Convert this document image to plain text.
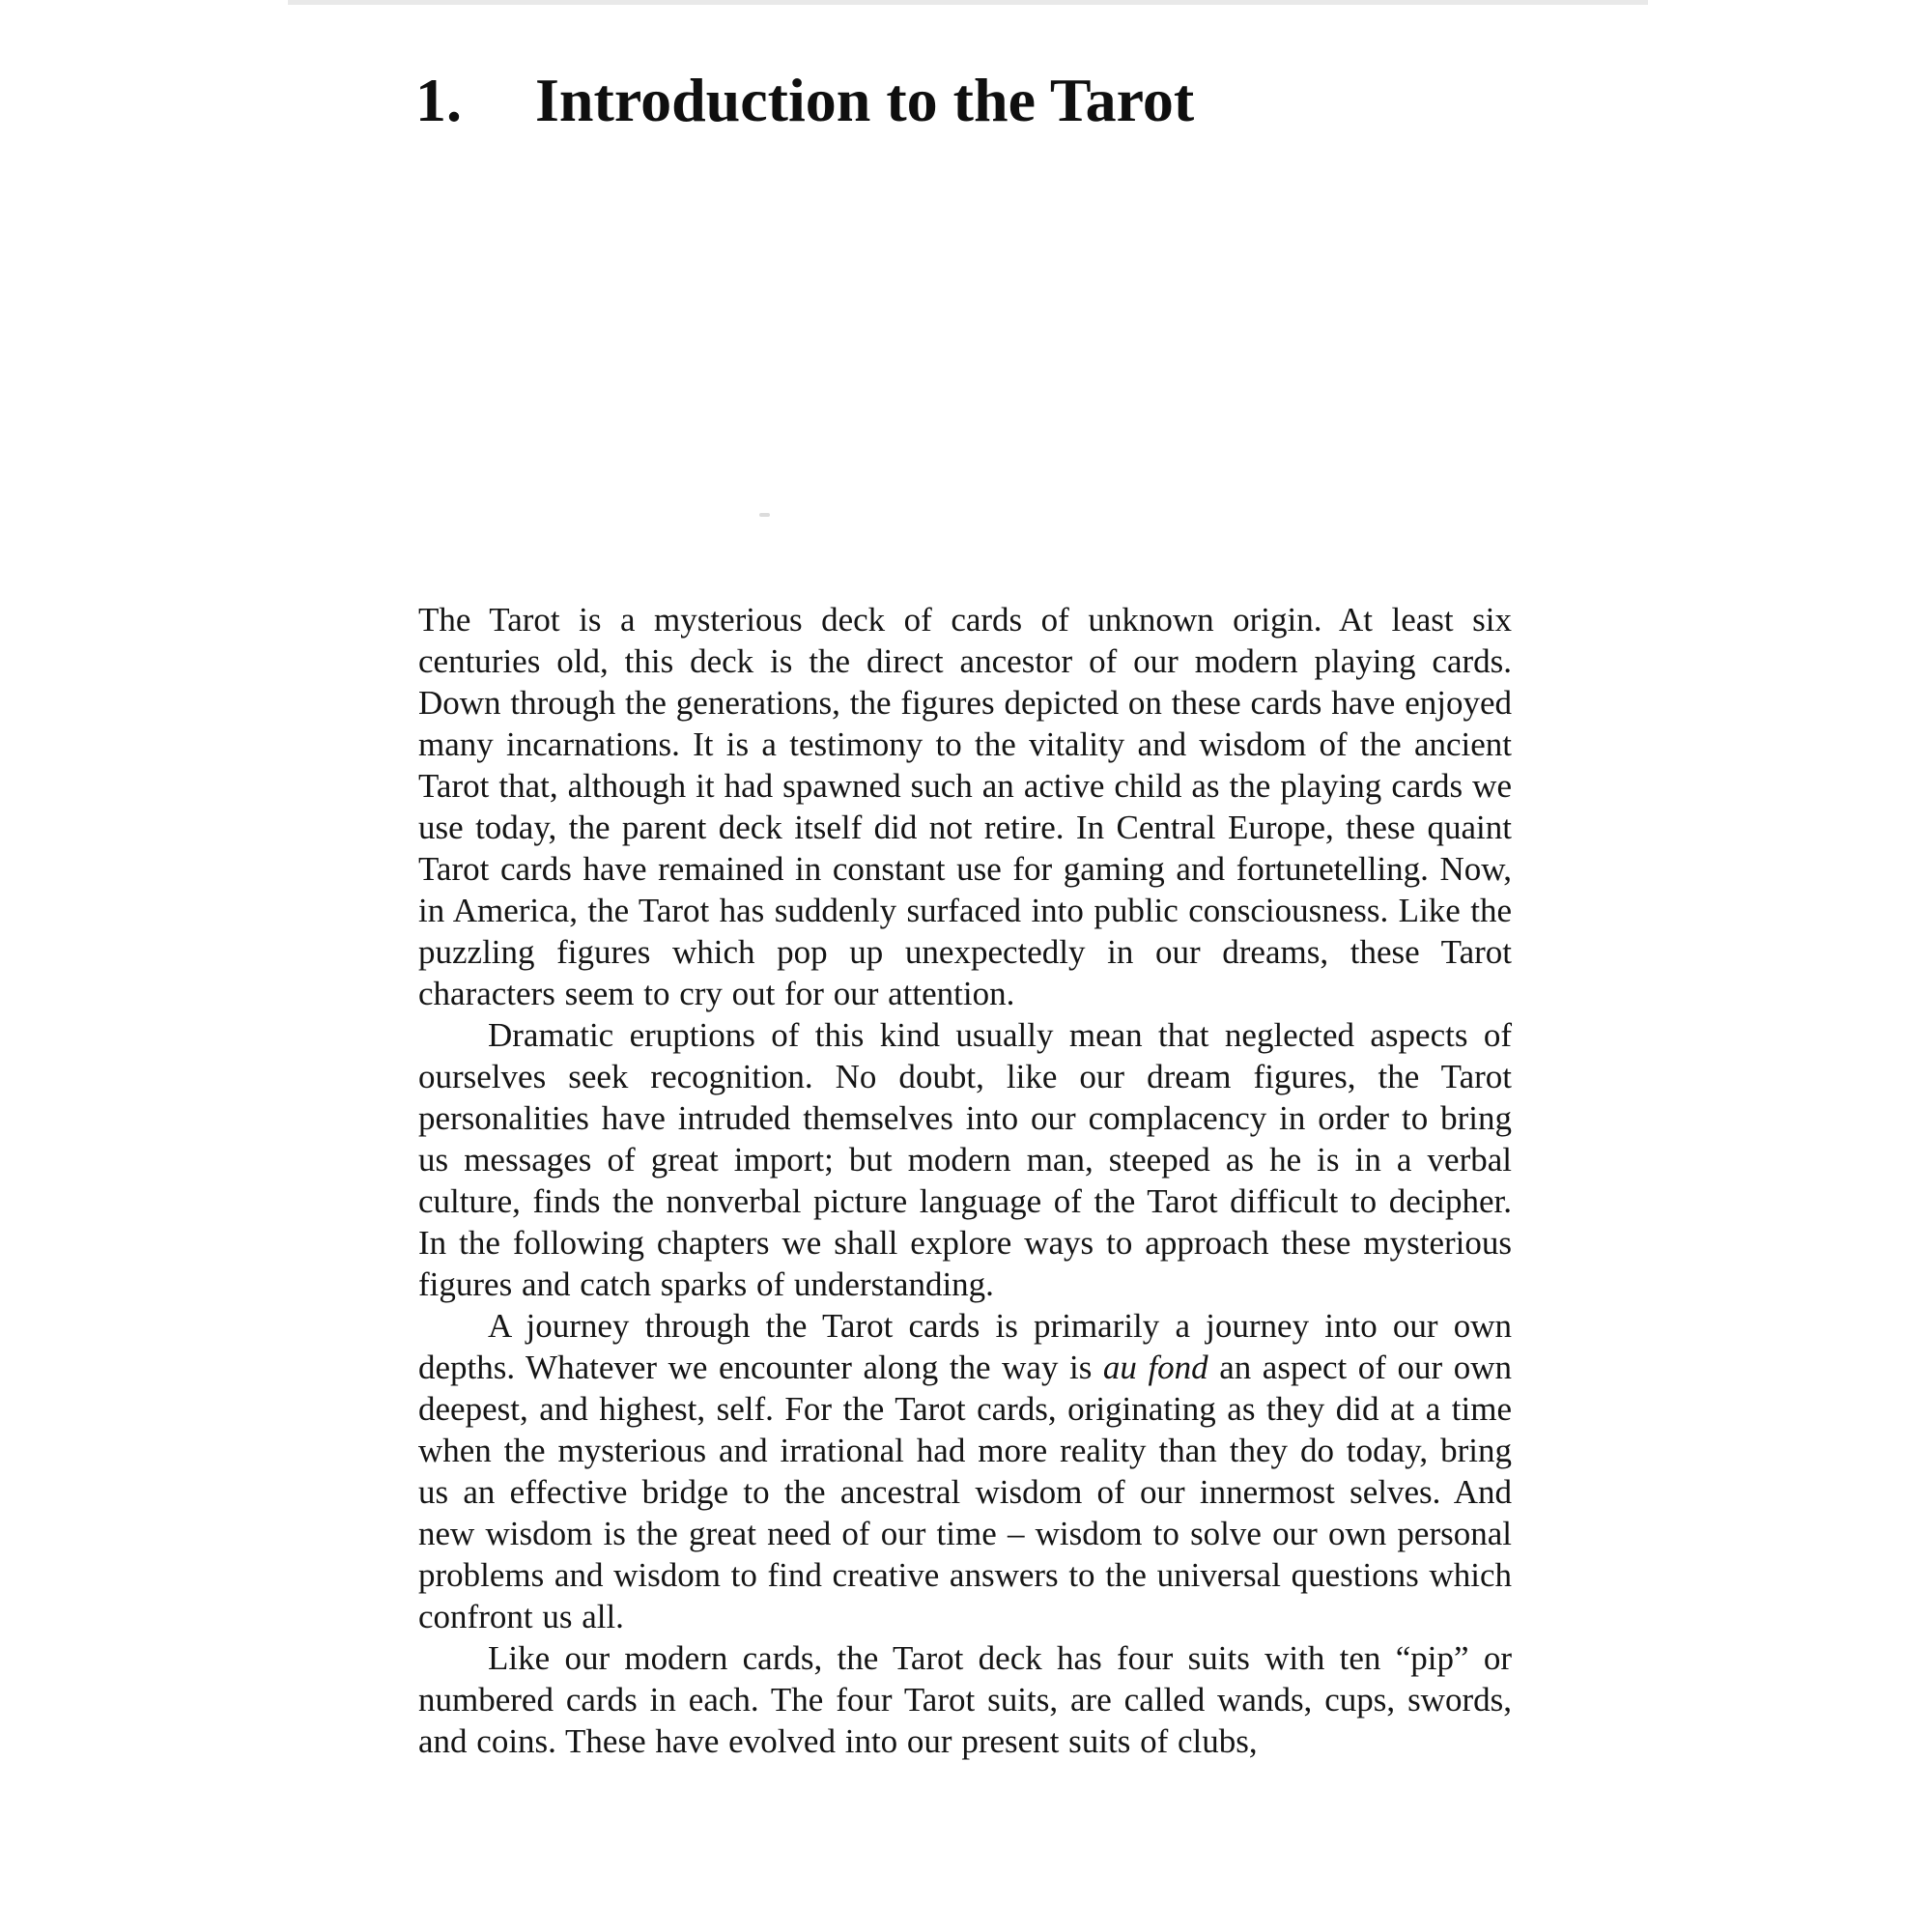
1. Introduction to the Tarot

The Tarot is a mysterious deck of cards of unknown origin. At least six centuries old, this deck is the direct ancestor of our modern playing cards. Down through the generations, the figures depicted on these cards have enjoyed many incarnations. It is a testimony to the vitality and wisdom of the ancient Tarot that, although it had spawned such an active child as the playing cards we use today, the parent deck itself did not retire. In Central Europe, these quaint Tarot cards have remained in constant use for gaming and fortunetelling. Now, in America, the Tarot has suddenly surfaced into public consciousness. Like the puzzling figures which pop up unexpectedly in our dreams, these Tarot characters seem to cry out for our attention.

Dramatic eruptions of this kind usually mean that neglected aspects of ourselves seek recognition. No doubt, like our dream figures, the Tarot personalities have intruded themselves into our complacency in order to bring us messages of great import; but modern man, steeped as he is in a verbal culture, finds the nonverbal picture language of the Tarot difficult to decipher. In the following chapters we shall explore ways to approach these mysterious figures and catch sparks of understanding.

A journey through the Tarot cards is primarily a journey into our own depths. Whatever we encounter along the way is au fond an aspect of our own deepest, and highest, self. For the Tarot cards, originating as they did at a time when the mysterious and irrational had more reality than they do today, bring us an effective bridge to the ancestral wisdom of our innermost selves. And new wisdom is the great need of our time – wisdom to solve our own personal problems and wisdom to find creative answers to the universal questions which confront us all.

Like our modern cards, the Tarot deck has four suits with ten “pip” or numbered cards in each. The four Tarot suits, are called wands, cups, swords, and coins. These have evolved into our present suits of clubs,
